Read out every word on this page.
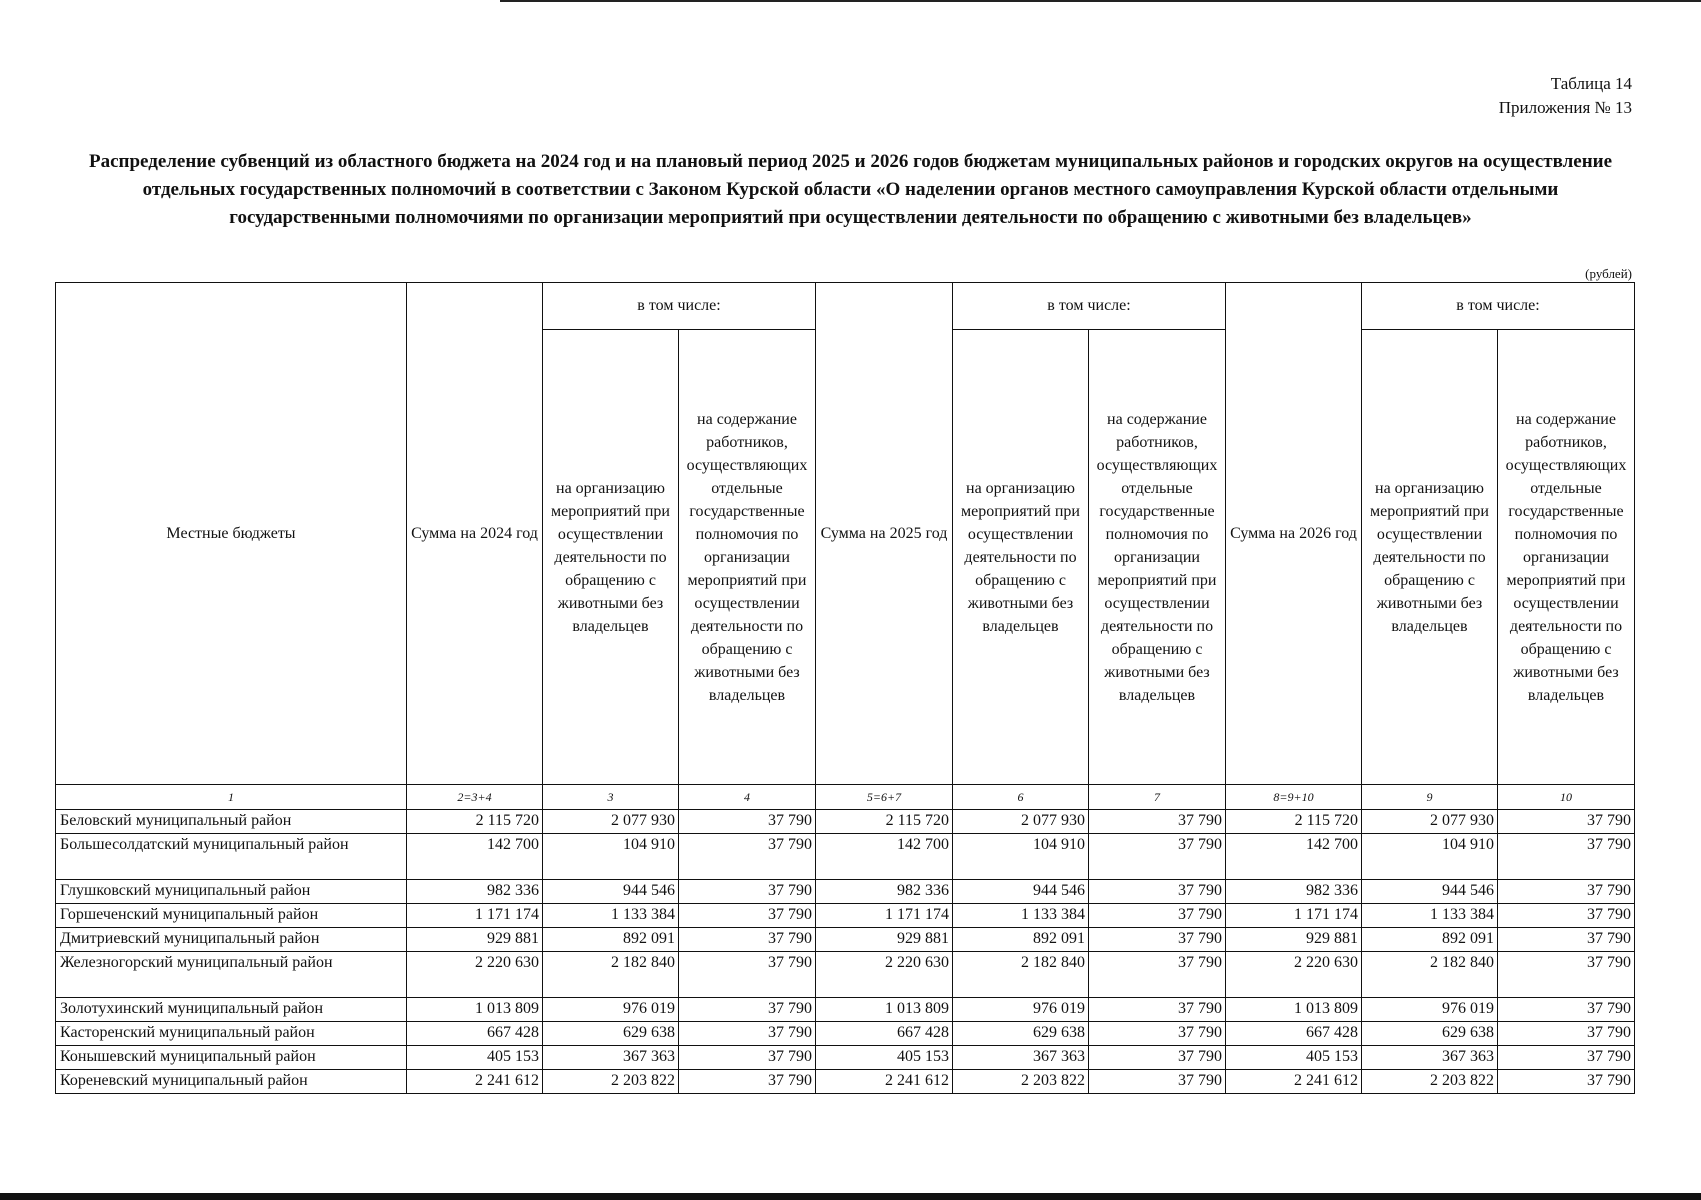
Таблица 14
Приложения № 13
Распределение субвенций из областного бюджета на 2024 год и на плановый период 2025 и 2026 годов бюджетам муниципальных районов и городских округов на осуществление отдельных государственных полномочий в соответствии с Законом Курской области «О наделении органов местного самоуправления Курской области отдельными государственными полномочиями по организации мероприятий при осуществлении деятельности по обращению с животными без владельцев»
(рублей)
Местные бюджеты	Сумма на 2024 год	в том числе:		Сумма на 2025 год	в том числе:		Сумма на 2026 год	в том числе:	
		на организацию мероприятий при осуществлении деятельности по обращению с животными без владельцев	на содержание работников, осуществляющих отдельные государственные полномочия по организации мероприятий при осуществлении деятельности по обращению с животными без владельцев		на организацию мероприятий при осуществлении деятельности по обращению с животными без владельцев	на содержание работников, осуществляющих отдельные государственные полномочия по организации мероприятий при осуществлении деятельности по обращению с животными без владельцев		на организацию мероприятий при осуществлении деятельности по обращению с животными без владельцев	на содержание работников, осуществляющих отдельные государственные полномочия по организации мероприятий при осуществлении деятельности по обращению с животными без владельцев
1	2=3+4	3	4	5=6+7	6	7	8=9+10	9	10
Беловский муниципальный район	2 115 720	2 077 930	37 790	2 115 720	2 077 930	37 790	2 115 720	2 077 930	37 790
Большесолдатский муниципальный район	142 700	104 910	37 790	142 700	104 910	37 790	142 700	104 910	37 790
Глушковский муниципальный район	982 336	944 546	37 790	982 336	944 546	37 790	982 336	944 546	37 790
Горшеченский муниципальный район	1 171 174	1 133 384	37 790	1 171 174	1 133 384	37 790	1 171 174	1 133 384	37 790
Дмитриевский муниципальный район	929 881	892 091	37 790	929 881	892 091	37 790	929 881	892 091	37 790
Железногорский муниципальный район	2 220 630	2 182 840	37 790	2 220 630	2 182 840	37 790	2 220 630	2 182 840	37 790
Золотухинский муниципальный район	1 013 809	976 019	37 790	1 013 809	976 019	37 790	1 013 809	976 019	37 790
Касторенский муниципальный район	667 428	629 638	37 790	667 428	629 638	37 790	667 428	629 638	37 790
Конышевский муниципальный район	405 153	367 363	37 790	405 153	367 363	37 790	405 153	367 363	37 790
Кореневский муниципальный район	2 241 612	2 203 822	37 790	2 241 612	2 203 822	37 790	2 241 612	2 203 822	37 790
